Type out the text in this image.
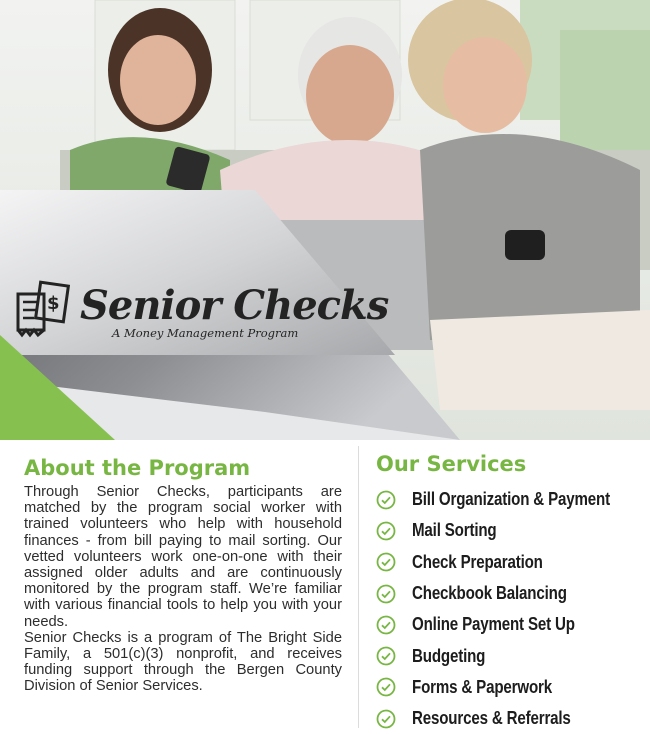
$ Senior Checks
A Money Management Program
About the Program

Through Senior Checks, participants are matched by the program social worker with trained volunteers who help with household finances - from bill paying to mail sorting. Our vetted volunteers work one-on-one with their assigned older adults and are continuously monitored by the program staff. We’re familiar with various financial tools to help you with your needs.

Senior Checks is a program of The Bright Side Family, a 501(c)(3) nonprofit, and receives funding support through the Bergen County Division of Senior Services.

Our Services
Bill Organization & Payment
Mail Sorting
Check Preparation
Checkbook Balancing
Online Payment Set Up
Budgeting
Forms & Paperwork
Resources & Referrals
